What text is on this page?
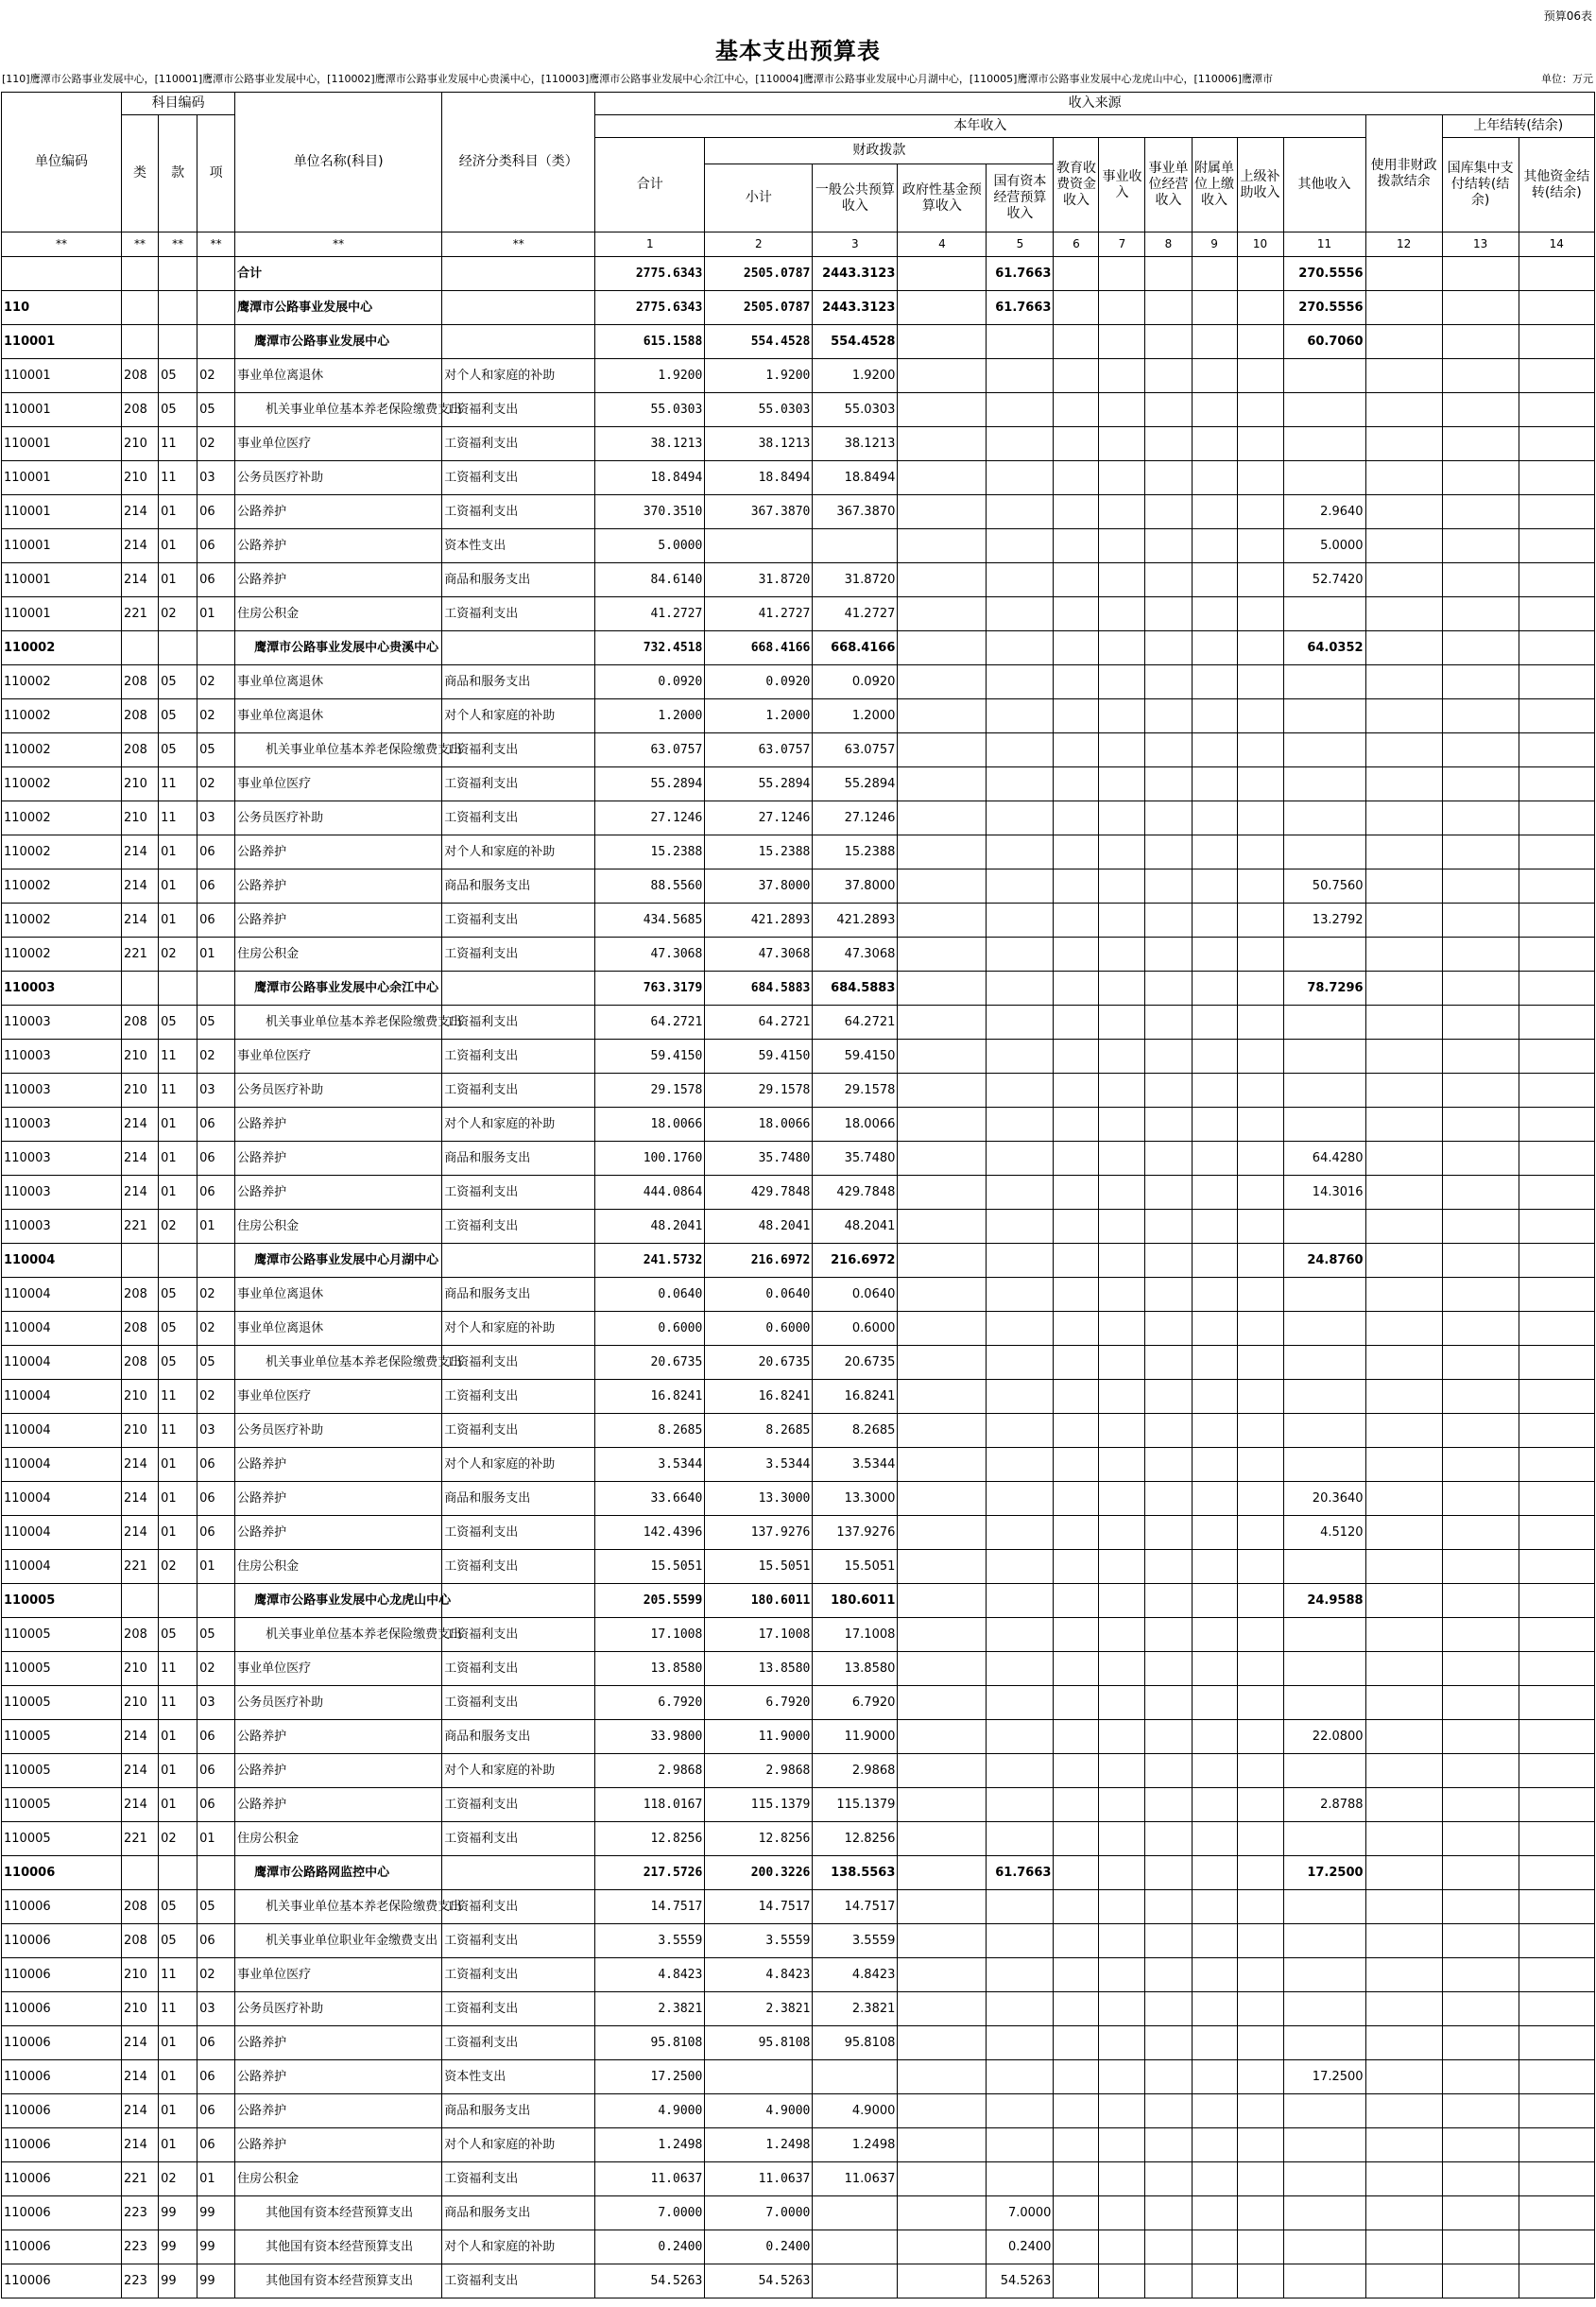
预算06表
基本支出预算表
[110]鹰潭市公路事业发展中心，[110001]鹰潭市公路事业发展中心，[110002]鹰潭市公路事业发展中心贵溪中心，[110003]鹰潭市公路事业发展中心余江中心，[110004]鹰潭市公路事业发展中心月湖中心，[110005]鹰潭市公路事业发展中心龙虎山中心，[110006]鹰潭市	单位：万元
单位编码	科目编码			单位名称(科目)	经济分类科目（类）	收入来源													
	类	款	项			本年收入											使用非财政拨款结余	上年结转(结余)	
						合计	财政拨款				教育收费资金收入	事业收入	事业单位经营收入	附属单位上缴收入	上级补助收入	其他收入		国库集中支付结转(结余)	其他资金结转(结余)
							小计	一般公共预算收入	政府性基金预算收入	国有资本经营预算收入									
**	**	**	**	**	**	1	2	3	4	5	6	7	8	9	10	11	12	13	14
				合计		2775.6343	2505.0787	2443.3123		61.7663						270.5556			
110				鹰潭市公路事业发展中心		2775.6343	2505.0787	2443.3123		61.7663						270.5556			
110001				鹰潭市公路事业发展中心		615.1588	554.4528	554.4528								60.7060			
110001	208	05	02	事业单位离退休	对个人和家庭的补助	1.9200	1.9200	1.9200											
110001	208	05	05	机关事业单位基本养老保险缴费支出	工资福利支出	55.0303	55.0303	55.0303											
110001	210	11	02	事业单位医疗	工资福利支出	38.1213	38.1213	38.1213											
110001	210	11	03	公务员医疗补助	工资福利支出	18.8494	18.8494	18.8494											
110001	214	01	06	公路养护	工资福利支出	370.3510	367.3870	367.3870								2.9640			
110001	214	01	06	公路养护	资本性支出	5.0000										5.0000			
110001	214	01	06	公路养护	商品和服务支出	84.6140	31.8720	31.8720								52.7420			
110001	221	02	01	住房公积金	工资福利支出	41.2727	41.2727	41.2727											
110002				鹰潭市公路事业发展中心贵溪中心		732.4518	668.4166	668.4166								64.0352			
110002	208	05	02	事业单位离退休	商品和服务支出	0.0920	0.0920	0.0920											
110002	208	05	02	事业单位离退休	对个人和家庭的补助	1.2000	1.2000	1.2000											
110002	208	05	05	机关事业单位基本养老保险缴费支出	工资福利支出	63.0757	63.0757	63.0757											
110002	210	11	02	事业单位医疗	工资福利支出	55.2894	55.2894	55.2894											
110002	210	11	03	公务员医疗补助	工资福利支出	27.1246	27.1246	27.1246											
110002	214	01	06	公路养护	对个人和家庭的补助	15.2388	15.2388	15.2388											
110002	214	01	06	公路养护	商品和服务支出	88.5560	37.8000	37.8000								50.7560			
110002	214	01	06	公路养护	工资福利支出	434.5685	421.2893	421.2893								13.2792			
110002	221	02	01	住房公积金	工资福利支出	47.3068	47.3068	47.3068											
110003				鹰潭市公路事业发展中心余江中心		763.3179	684.5883	684.5883								78.7296			
110003	208	05	05	机关事业单位基本养老保险缴费支出	工资福利支出	64.2721	64.2721	64.2721											
110003	210	11	02	事业单位医疗	工资福利支出	59.4150	59.4150	59.4150											
110003	210	11	03	公务员医疗补助	工资福利支出	29.1578	29.1578	29.1578											
110003	214	01	06	公路养护	对个人和家庭的补助	18.0066	18.0066	18.0066											
110003	214	01	06	公路养护	商品和服务支出	100.1760	35.7480	35.7480								64.4280			
110003	214	01	06	公路养护	工资福利支出	444.0864	429.7848	429.7848								14.3016			
110003	221	02	01	住房公积金	工资福利支出	48.2041	48.2041	48.2041											
110004				鹰潭市公路事业发展中心月湖中心		241.5732	216.6972	216.6972								24.8760			
110004	208	05	02	事业单位离退休	商品和服务支出	0.0640	0.0640	0.0640											
110004	208	05	02	事业单位离退休	对个人和家庭的补助	0.6000	0.6000	0.6000											
110004	208	05	05	机关事业单位基本养老保险缴费支出	工资福利支出	20.6735	20.6735	20.6735											
110004	210	11	02	事业单位医疗	工资福利支出	16.8241	16.8241	16.8241											
110004	210	11	03	公务员医疗补助	工资福利支出	8.2685	8.2685	8.2685											
110004	214	01	06	公路养护	对个人和家庭的补助	3.5344	3.5344	3.5344											
110004	214	01	06	公路养护	商品和服务支出	33.6640	13.3000	13.3000								20.3640			
110004	214	01	06	公路养护	工资福利支出	142.4396	137.9276	137.9276								4.5120			
110004	221	02	01	住房公积金	工资福利支出	15.5051	15.5051	15.5051											
110005				鹰潭市公路事业发展中心龙虎山中心		205.5599	180.6011	180.6011								24.9588			
110005	208	05	05	机关事业单位基本养老保险缴费支出	工资福利支出	17.1008	17.1008	17.1008											
110005	210	11	02	事业单位医疗	工资福利支出	13.8580	13.8580	13.8580											
110005	210	11	03	公务员医疗补助	工资福利支出	6.7920	6.7920	6.7920											
110005	214	01	06	公路养护	商品和服务支出	33.9800	11.9000	11.9000								22.0800			
110005	214	01	06	公路养护	对个人和家庭的补助	2.9868	2.9868	2.9868											
110005	214	01	06	公路养护	工资福利支出	118.0167	115.1379	115.1379								2.8788			
110005	221	02	01	住房公积金	工资福利支出	12.8256	12.8256	12.8256											
110006				鹰潭市公路路网监控中心		217.5726	200.3226	138.5563		61.7663						17.2500			
110006	208	05	05	机关事业单位基本养老保险缴费支出	工资福利支出	14.7517	14.7517	14.7517											
110006	208	05	06	机关事业单位职业年金缴费支出	工资福利支出	3.5559	3.5559	3.5559											
110006	210	11	02	事业单位医疗	工资福利支出	4.8423	4.8423	4.8423											
110006	210	11	03	公务员医疗补助	工资福利支出	2.3821	2.3821	2.3821											
110006	214	01	06	公路养护	工资福利支出	95.8108	95.8108	95.8108											
110006	214	01	06	公路养护	资本性支出	17.2500										17.2500			
110006	214	01	06	公路养护	商品和服务支出	4.9000	4.9000	4.9000											
110006	214	01	06	公路养护	对个人和家庭的补助	1.2498	1.2498	1.2498											
110006	221	02	01	住房公积金	工资福利支出	11.0637	11.0637	11.0637											
110006	223	99	99	其他国有资本经营预算支出	商品和服务支出	7.0000	7.0000			7.0000									
110006	223	99	99	其他国有资本经营预算支出	对个人和家庭的补助	0.2400	0.2400			0.2400									
110006	223	99	99	其他国有资本经营预算支出	工资福利支出	54.5263	54.5263			54.5263									
